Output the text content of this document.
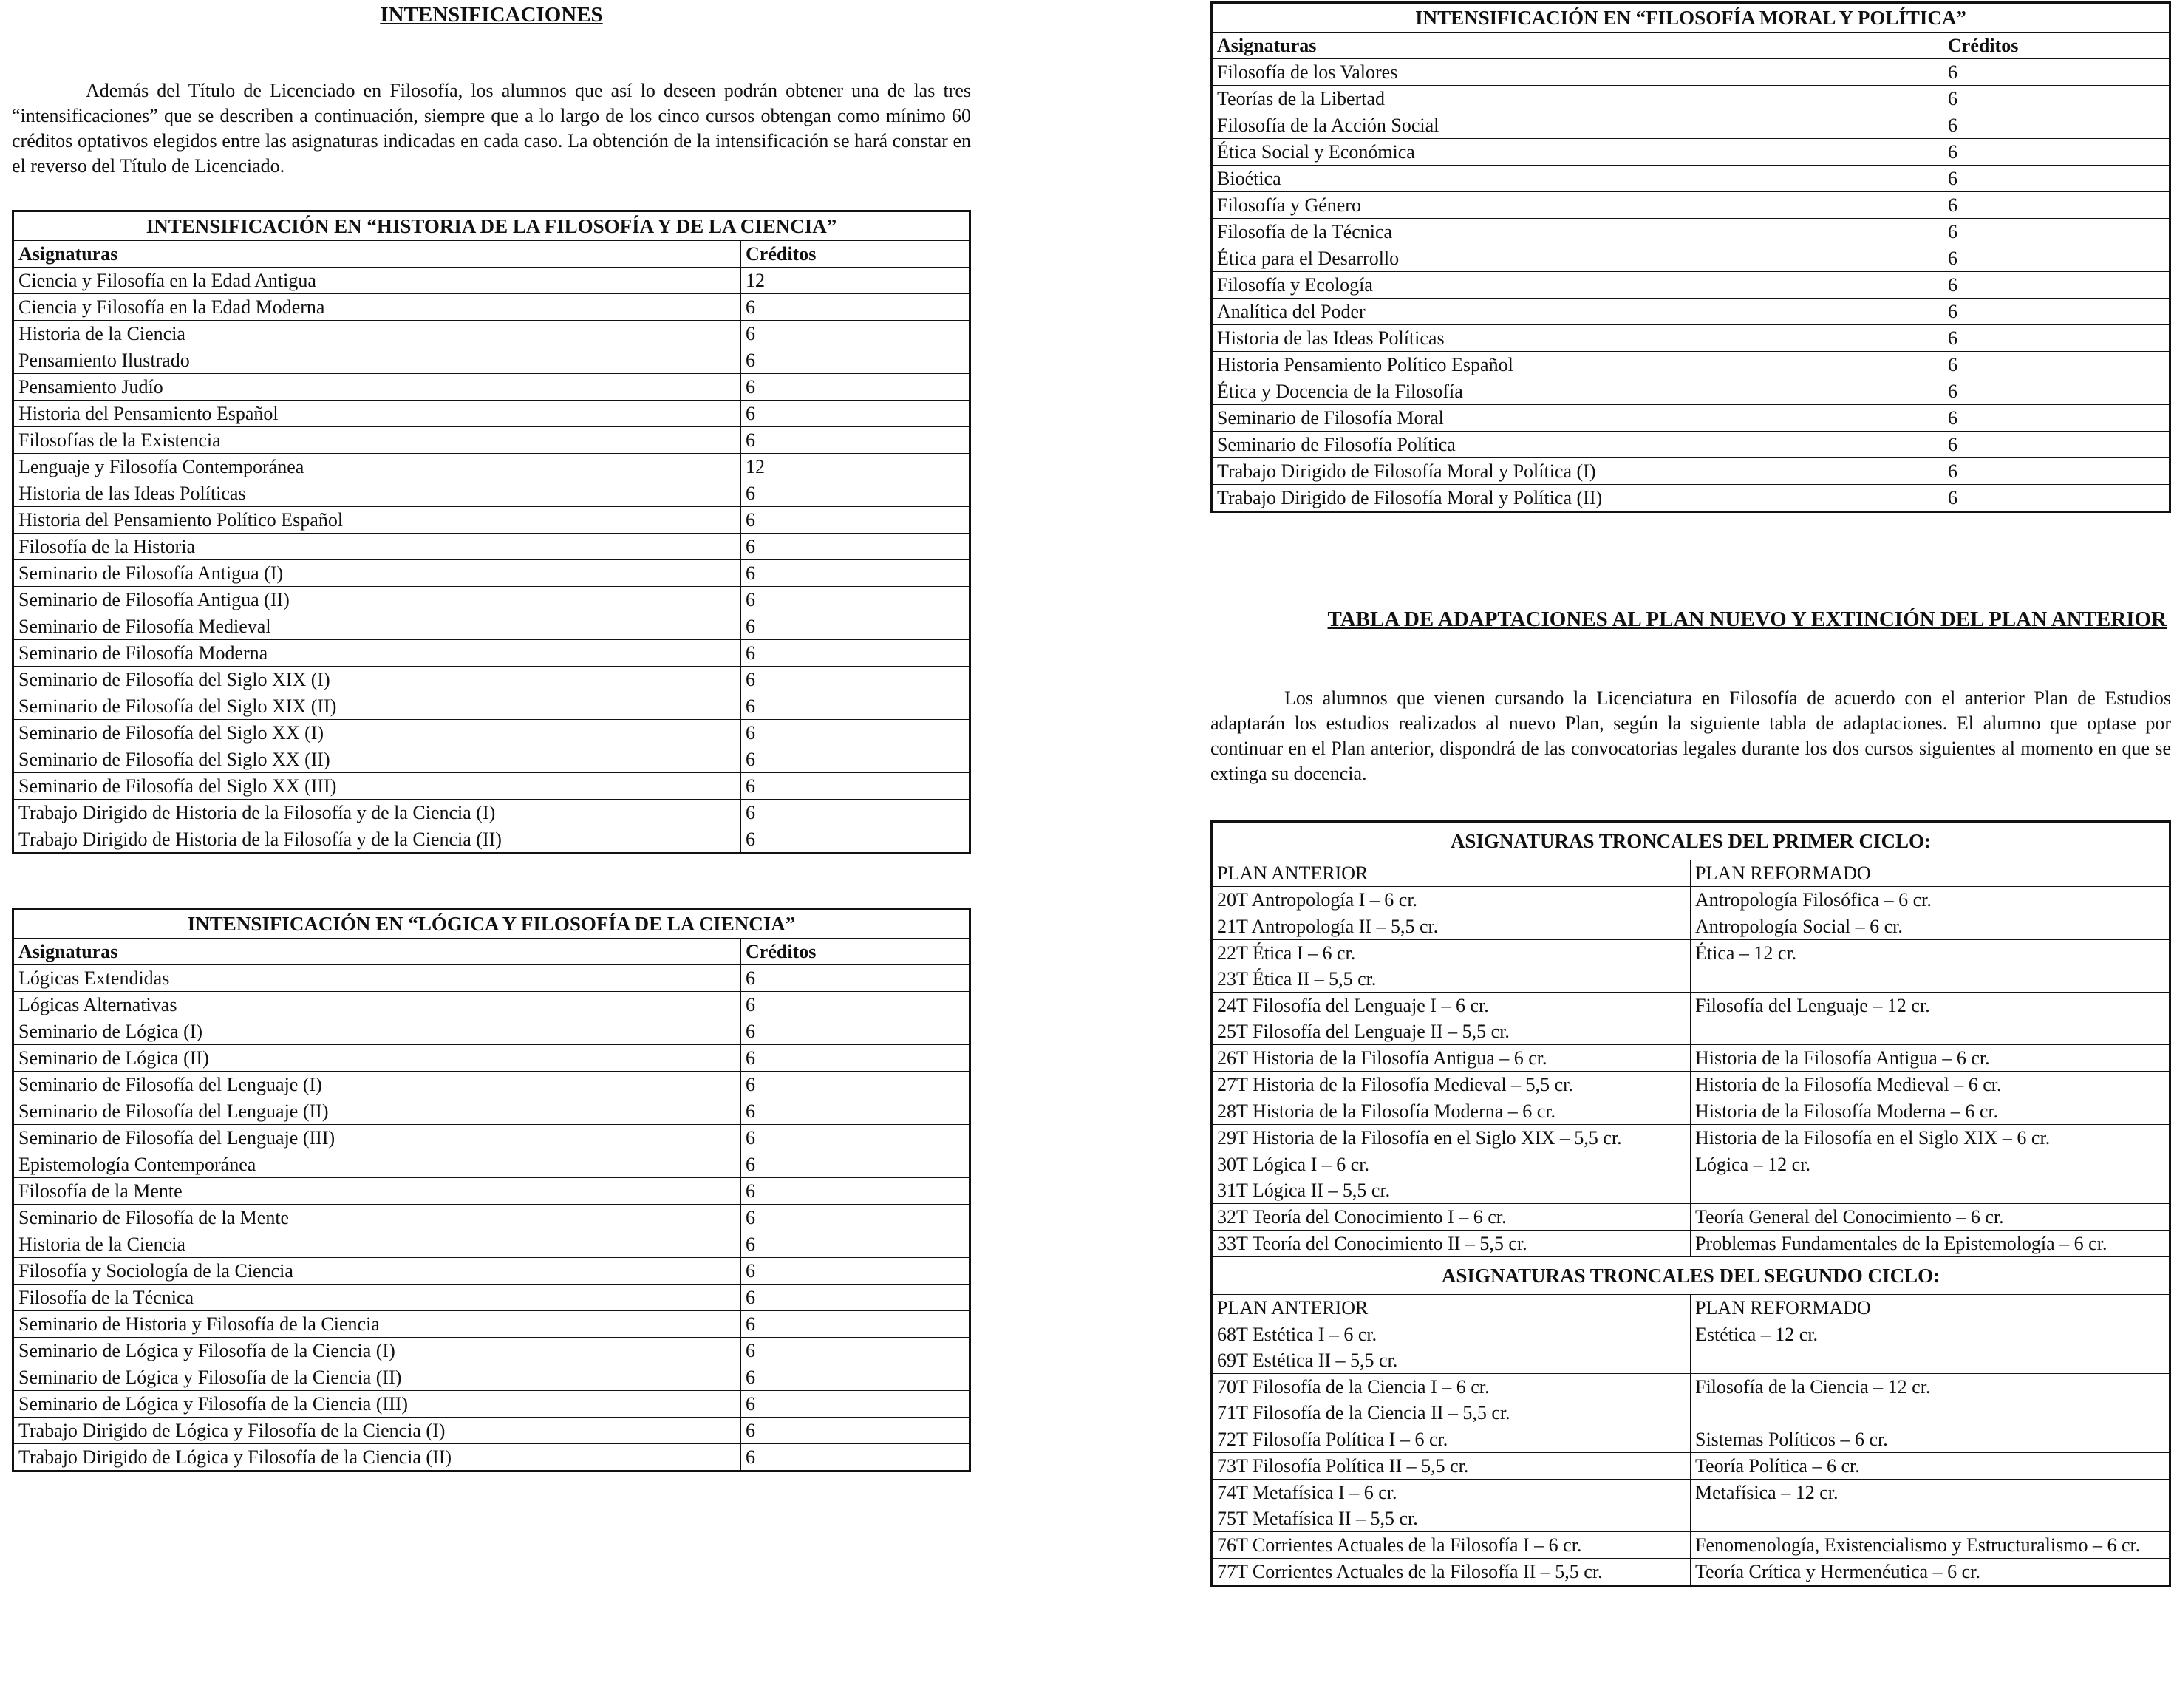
INTENSIFICACIONES

Además del Título de Licenciado en Filosofía, los alumnos que así lo deseen podrán obtener una de las tres “intensificaciones” que se describen a continuación, siempre que a lo largo de los cinco cursos obtengan como mínimo 60 créditos optativos elegidos entre las asignaturas indicadas en cada caso. La obtención de la intensificación se hará constar en el reverso del Título de Licenciado.

INTENSIFICACIÓN EN “HISTORIA DE LA FILOSOFÍA Y DE LA CIENCIA”	
Asignaturas	Créditos
Ciencia y Filosofía en la Edad Antigua	12
Ciencia y Filosofía en la Edad Moderna	6
Historia de la Ciencia	6
Pensamiento Ilustrado	6
Pensamiento Judío	6
Historia del Pensamiento Español	6
Filosofías de la Existencia	6
Lenguaje y Filosofía Contemporánea	12
Historia de las Ideas Políticas	6
Historia del Pensamiento Político Español	6
Filosofía de la Historia	6
Seminario de Filosofía Antigua (I)	6
Seminario de Filosofía Antigua (II)	6
Seminario de Filosofía Medieval	6
Seminario de Filosofía Moderna	6
Seminario de Filosofía del Siglo XIX (I)	6
Seminario de Filosofía del Siglo XIX (II)	6
Seminario de Filosofía del Siglo XX (I)	6
Seminario de Filosofía del Siglo XX (II)	6
Seminario de Filosofía del Siglo XX (III)	6
Trabajo Dirigido de Historia de la Filosofía y de la Ciencia (I)	6
Trabajo Dirigido de Historia de la Filosofía y de la Ciencia (II)	6
INTENSIFICACIÓN EN “LÓGICA Y FILOSOFÍA DE LA CIENCIA”	
Asignaturas	Créditos
Lógicas Extendidas	6
Lógicas Alternativas	6
Seminario de Lógica (I)	6
Seminario de Lógica (II)	6
Seminario de Filosofía del Lenguaje (I)	6
Seminario de Filosofía del Lenguaje (II)	6
Seminario de Filosofía del Lenguaje (III)	6
Epistemología Contemporánea	6
Filosofía de la Mente	6
Seminario de Filosofía de la Mente	6
Historia de la Ciencia	6
Filosofía y Sociología de la Ciencia	6
Filosofía de la Técnica	6
Seminario de Historia y Filosofía de la Ciencia	6
Seminario de Lógica y Filosofía de la Ciencia (I)	6
Seminario de Lógica y Filosofía de la Ciencia (II)	6
Seminario de Lógica y Filosofía de la Ciencia (III)	6
Trabajo Dirigido de Lógica y Filosofía de la Ciencia (I)	6
Trabajo Dirigido de Lógica y Filosofía de la Ciencia (II)	6
INTENSIFICACIÓN EN “FILOSOFÍA MORAL Y POLÍTICA”	
Asignaturas	Créditos
Filosofía de los Valores	6
Teorías de la Libertad	6
Filosofía de la Acción Social	6
Ética Social y Económica	6
Bioética	6
Filosofía y Género	6
Filosofía de la Técnica	6
Ética para el Desarrollo	6
Filosofía y Ecología	6
Analítica del Poder	6
Historia de las Ideas Políticas	6
Historia Pensamiento Político Español	6
Ética y Docencia de la Filosofía	6
Seminario de Filosofía Moral	6
Seminario de Filosofía Política	6
Trabajo Dirigido de Filosofía Moral y Política (I)	6
Trabajo Dirigido de Filosofía Moral y Política (II)	6
TABLA DE ADAPTACIONES AL PLAN NUEVO Y EXTINCIÓN DEL PLAN ANTERIOR

Los alumnos que vienen cursando la Licenciatura en Filosofía de acuerdo con el anterior Plan de Estudios adaptarán los estudios realizados al nuevo Plan, según la siguiente tabla de adaptaciones. El alumno que optase por continuar en el Plan anterior, dispondrá de las convocatorias legales durante los dos cursos siguientes al momento en que se extinga su docencia.

ASIGNATURAS TRONCALES DEL PRIMER CICLO:	
PLAN ANTERIOR	PLAN REFORMADO

20T Antropología I – 6 cr.	Antropología Filosófica – 6 cr.

21T Antropología II – 5,5 cr.	Antropología Social – 6 cr.

22T Ética I – 6 cr.
23T Ética II – 5,5 cr.	Ética – 12 cr.

24T Filosofía del Lenguaje I – 6 cr.
25T Filosofía del Lenguaje II – 5,5 cr.	Filosofía del Lenguaje – 12 cr.

26T Historia de la Filosofía Antigua – 6 cr.	Historia de la Filosofía Antigua – 6 cr.

27T Historia de la Filosofía Medieval – 5,5 cr.	Historia de la Filosofía Medieval – 6 cr.

28T Historia de la Filosofía Moderna – 6 cr.	Historia de la Filosofía Moderna – 6 cr.

29T Historia de la Filosofía en el Siglo XIX – 5,5 cr.	Historia de la Filosofía en el Siglo XIX – 6 cr.

30T Lógica I – 6 cr.
31T Lógica II – 5,5 cr.	Lógica – 12 cr.

32T Teoría del Conocimiento I – 6 cr.	Teoría General del Conocimiento – 6 cr.

33T Teoría del Conocimiento II – 5,5 cr.	Problemas Fundamentales de la Epistemología – 6 cr.
ASIGNATURAS TRONCALES DEL SEGUNDO CICLO:	
PLAN ANTERIOR	PLAN REFORMADO

68T Estética I – 6 cr.
69T Estética II – 5,5 cr.	Estética – 12 cr.

70T Filosofía de la Ciencia I – 6 cr.
71T Filosofía de la Ciencia II – 5,5 cr.	Filosofía de la Ciencia – 12 cr.

72T Filosofía Política I – 6 cr.	Sistemas Políticos – 6 cr.

73T Filosofía Política II – 5,5 cr.	Teoría Política – 6 cr.

74T Metafísica I – 6 cr.
75T Metafísica II – 5,5 cr.	Metafísica – 12 cr.

76T Corrientes Actuales de la Filosofía I – 6 cr.	Fenomenología, Existencialismo y Estructuralismo – 6 cr.

77T Corrientes Actuales de la Filosofía II – 5,5 cr.	Teoría Crítica y Hermenéutica – 6 cr.
